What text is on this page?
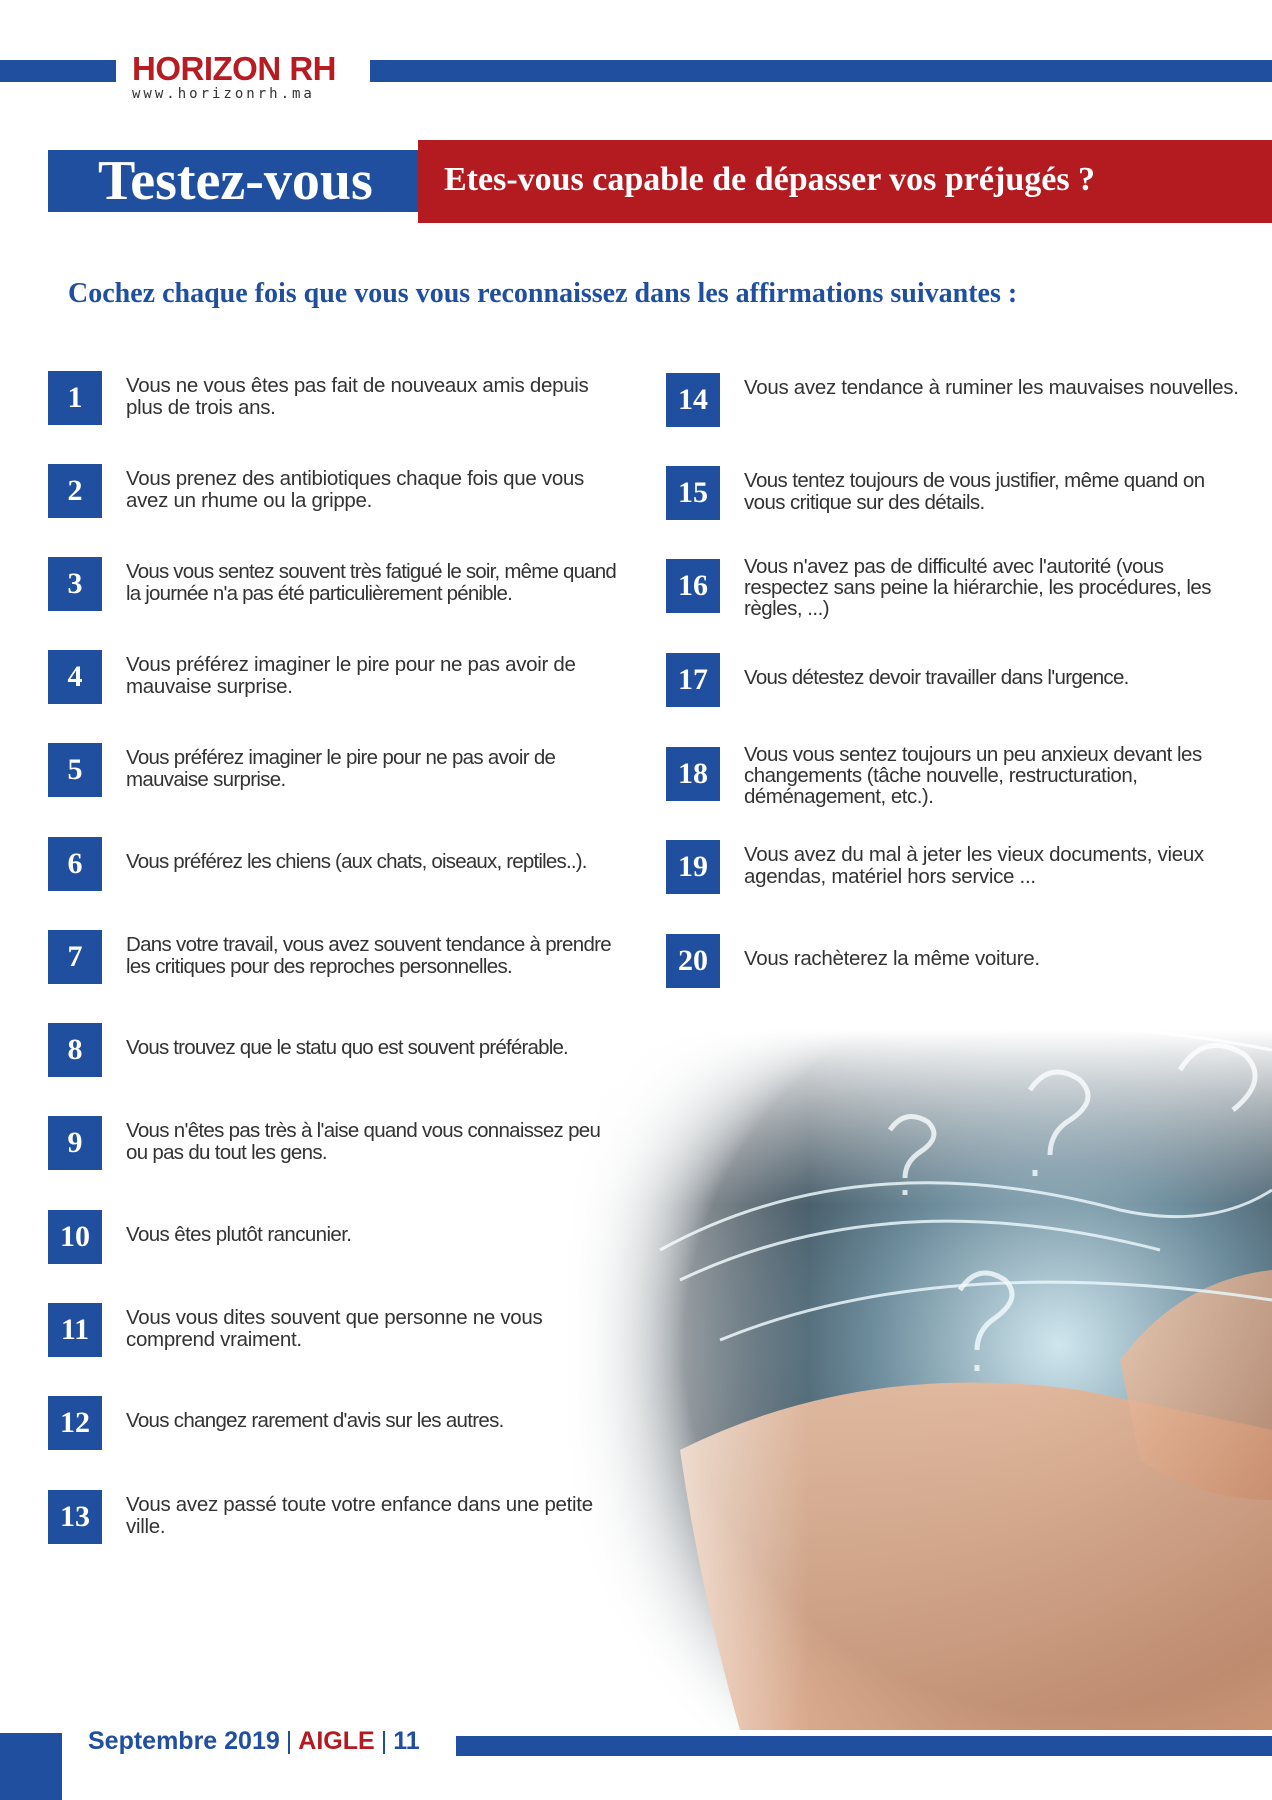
HORIZON RH
www.horizonrh.ma
Testez-vous Etes-vous capable de dépasser vos préjugés ?
Cochez chaque fois que vous vous reconnaissez dans les affirmations suivantes :
1	Vous ne vous êtes pas fait de nouveaux amis depuis plus de trois ans.
2	Vous prenez des antibiotiques chaque fois que vous avez un rhume ou la grippe.
3	Vous vous sentez souvent très fatigué le soir, même quand la journée n'a pas été particulièrement pénible.
4	Vous préférez imaginer le pire pour ne pas avoir de mauvaise surprise.
5	Vous préférez imaginer le pire pour ne pas avoir de mauvaise surprise.
6	Vous préférez les chiens (aux chats, oiseaux, reptiles..).
7	Dans votre travail, vous avez souvent tendance à prendre les critiques pour des reproches personnelles.
8	Vous trouvez que le statu quo est souvent préférable.
9	Vous n'êtes pas très à l'aise quand vous connaissez peu ou pas du tout les gens.
10	Vous êtes plutôt rancunier.
11	Vous vous dites souvent que personne ne vous comprend vraiment.
12	Vous changez rarement d'avis sur les autres.
13	Vous avez passé toute votre enfance dans une petite ville.
14	Vous avez tendance à ruminer les mauvaises nouvelles.
15	Vous tentez toujours de vous justifier, même quand on vous critique sur des détails.
16
Vous n'avez pas de difficulté avec l'autorité (vous respectez sans peine la hiérarchie, les procédures, les règles, ...)
17	Vous détestez devoir travailler dans l'urgence.
18
Vous vous sentez toujours un peu anxieux devant les changements (tâche nouvelle, restructuration, déménagement, etc.).
19	Vous avez du mal à jeter les vieux documents, vieux agendas, matériel hors service ...
20	Vous rachèterez la même voiture.
Septembre 2019 | AIGLE | 11
